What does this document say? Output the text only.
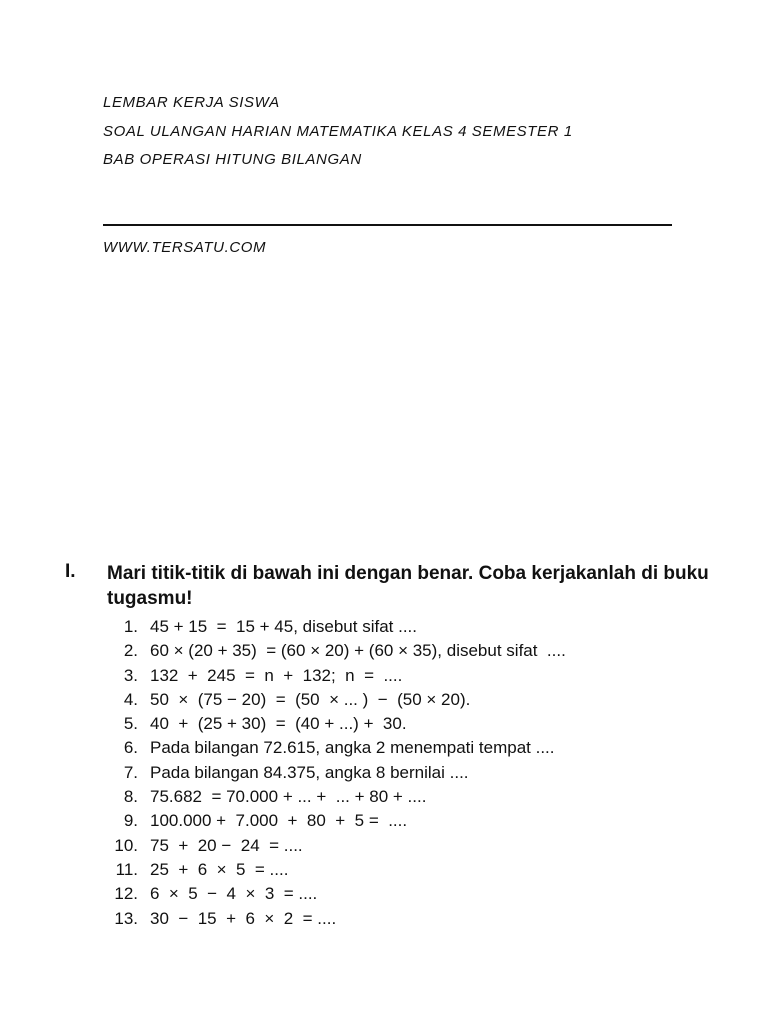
LEMBAR KERJA SISWA
SOAL ULANGAN HARIAN MATEMATIKA KELAS 4 SEMESTER 1
BAB OPERASI HITUNG BILANGAN
WWW.TERSATU.COM
I. Mari titik-titik di bawah ini dengan benar. Coba kerjakanlah di buku tugasmu!
1. 45 + 15  =  15 + 45, disebut sifat ....
2. 60 × (20 + 35)  = (60 × 20) + (60 × 35), disebut sifat  ....
3. 132  +  245  =  n  +  132;  n  =  ....
4. 50  ×  (75 − 20)  =  (50  × ... )  −  (50 × 20).
5. 40  +  (25 + 30)  =  (40 + ...) +  30.
6. Pada bilangan 72.615, angka 2 menempati tempat ....
7. Pada bilangan 84.375, angka 8 bernilai ....
8. 75.682  = 70.000 + ... +  ... + 80 + ....
9. 100.000 +  7.000  +  80  +  5 =  ....
10. 75  +  20 −  24  = ....
11. 25  +  6  ×  5  = ....
12. 6  ×  5  −  4  ×  3  = ....
13. 30  −  15  +  6  ×  2  = ....
